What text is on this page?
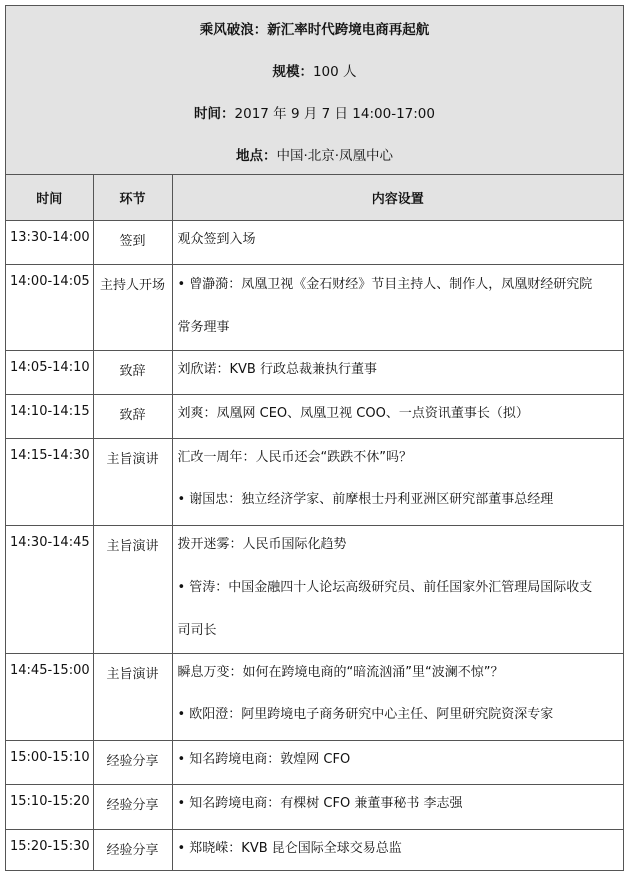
乘风破浪：新汇率时代跨境电商再起航
规模：100 人
时间：2017 年 9 月 7 日 14:00-17:00
地点：中国·北京·凤凰中心
时间	环节	内容设置
13:30-14:00	签到	观众签到入场

14:00-14:05	主持人开场	• 曾瀞漪：凤凰卫视《金石财经》节目主持人、制作人，凤凰财经研究院
常务理事

14:05-14:10	致辞	刘欣诺：KVB 行政总裁兼执行董事

14:10-14:15	致辞	刘爽：凤凰网 CEO、凤凰卫视 COO、一点资讯董事长（拟）

14:15-14:30	主旨演讲	汇改一周年：人民币还会“跌跌不休”吗？
• 谢国忠：独立经济学家、前摩根士丹利亚洲区研究部董事总经理

14:30-14:45	主旨演讲	拨开迷雾：人民币国际化趋势
• 管涛：中国金融四十人论坛高级研究员、前任国家外汇管理局国际收支
司司长

14:45-15:00	主旨演讲	瞬息万变：如何在跨境电商的“暗流汹涌”里“波澜不惊”？
• 欧阳澄：阿里跨境电子商务研究中心主任、阿里研究院资深专家

15:00-15:10	经验分享	• 知名跨境电商：敦煌网 CFO

15:10-15:20	经验分享	• 知名跨境电商：有棵树 CFO 兼董事秘书 李志强

15:20-15:30	经验分享	• 郑晓嵘：KVB 昆仑国际全球交易总监
